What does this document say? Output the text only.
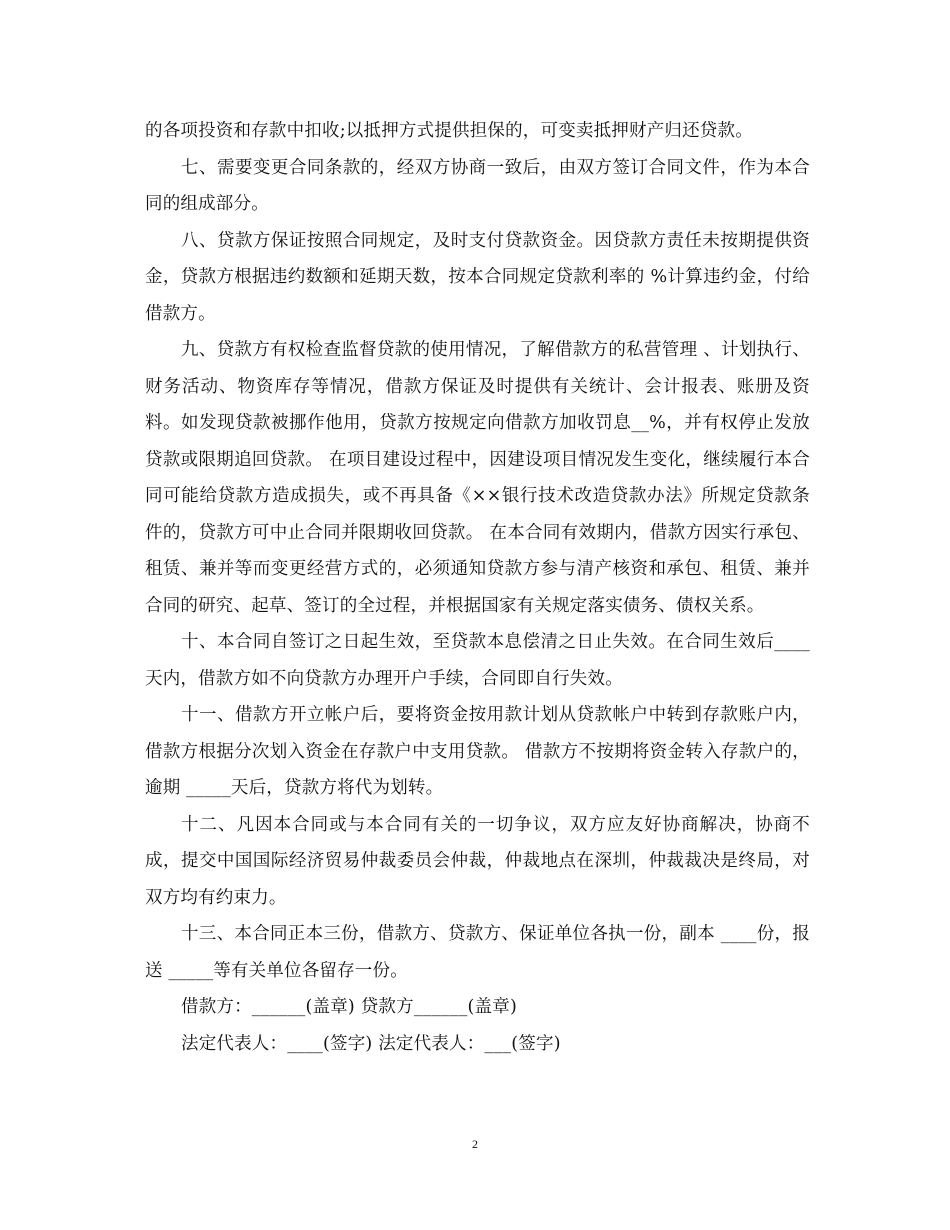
的各项投资和存款中扣收;以抵押方式提供担保的，可变卖抵押财产归还贷款。

七、需要变更合同条款的，经双方协商一致后，由双方签订合同文件，作为本合同的组成部分。

八、贷款方保证按照合同规定，及时支付贷款资金。因贷款方责任未按期提供资金，贷款方根据违约数额和延期天数，按本合同规定贷款利率的 %计算违约金，付给借款方。

九、贷款方有权检查监督贷款的使用情况，了解借款方的私营管理 、计划执行、财务活动、物资库存等情况，借款方保证及时提供有关统计、会计报表、账册及资料。如发现贷款被挪作他用，贷款方按规定向借款方加收罚息__%，并有权停止发放贷款或限期追回贷款。 在项目建设过程中，因建设项目情况发生变化，继续履行本合同可能给贷款方造成损失，或不再具备《××银行技术改造贷款办法》所规定贷款条件的，贷款方可中止合同并限期收回贷款。 在本合同有效期内，借款方因实行承包、租赁、兼并等而变更经营方式的，必须通知贷款方参与清产核资和承包、租赁、兼并合同的研究、起草、签订的全过程，并根据国家有关规定落实债务、债权关系。

十、本合同自签订之日起生效，至贷款本息偿清之日止失效。在合同生效后____天内，借款方如不向贷款方办理开户手续，合同即自行失效。

十一、借款方开立帐户后，要将资金按用款计划从贷款帐户中转到存款账户内，借款方根据分次划入资金在存款户中支用贷款。 借款方不按期将资金转入存款户的，逾期 _____天后，贷款方将代为划转。

十二、凡因本合同或与本合同有关的一切争议，双方应友好协商解决，协商不成，提交中国国际经济贸易仲裁委员会仲裁，仲裁地点在深圳，仲裁裁决是终局，对双方均有约束力。

十三、本合同正本三份，借款方、贷款方、保证单位各执一份，副本 ____份，报送 _____等有关单位各留存一份。

借款方：______(盖章) 贷款方______(盖章)

法定代表人：____(签字) 法定代表人：___(签字)

2
